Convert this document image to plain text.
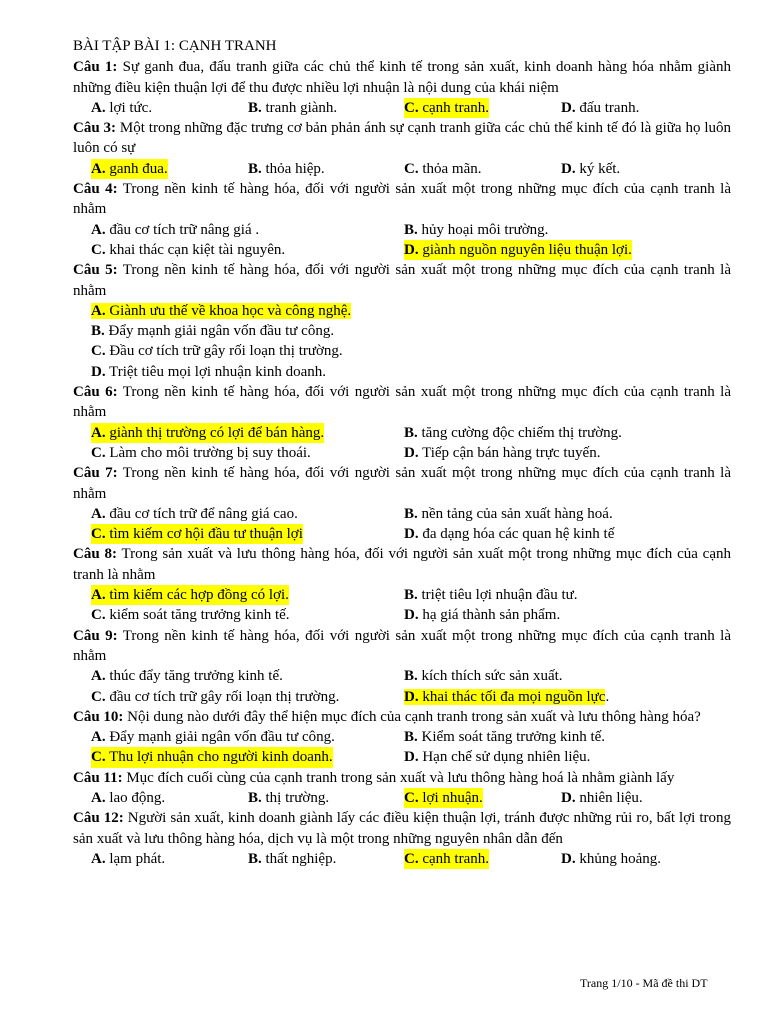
BÀI TẬP BÀI 1: CẠNH TRANH
Câu 1: Sự ganh đua, đấu tranh giữa các chủ thể kinh tế trong sản xuất, kinh doanh hàng hóa nhằm giành những điều kiện thuận lợi để thu được nhiều lợi nhuận là nội dung của khái niệm
A. lợi tức.	B. tranh giành.	C. cạnh tranh.	D. đấu tranh.
Câu 3: Một trong những đặc trưng cơ bản phản ánh sự cạnh tranh giữa các chủ thể kinh tế đó là giữa họ luôn luôn có sự
A. ganh đua.	B. thỏa hiệp.	C. thỏa mãn.	D. ký kết.
Câu 4: Trong nền kinh tế hàng hóa, đối với người sản xuất một trong những mục đích của cạnh tranh là nhằm
A. đầu cơ tích trữ nâng giá .	B. hủy hoại môi trường.
C. khai thác cạn kiệt tài nguyên.	D. giành nguồn nguyên liệu thuận lợi.
Câu 5: Trong nền kinh tế hàng hóa, đối với người sản xuất một trong những mục đích của cạnh tranh là nhằm
A. Giành ưu thế về khoa học và công nghệ.
B. Đẩy mạnh giải ngân vốn đầu tư công.
C. Đầu cơ tích trữ gây rối loạn thị trường.
D. Triệt tiêu mọi lợi nhuận kinh doanh.
Câu 6: Trong nền kinh tế hàng hóa, đối với người sản xuất một trong những mục đích của cạnh tranh là nhằm
A. giành thị trường có lợi để bán hàng.	B. tăng cường độc chiếm thị trường.
C. Làm cho môi trường bị suy thoái.	D. Tiếp cận bán hàng trực tuyến.
Câu 7: Trong nền kinh tế hàng hóa, đối với người sản xuất một trong những mục đích của cạnh tranh là nhằm
A. đầu cơ tích trữ để nâng giá cao.	B. nền tảng của sản xuất hàng hoá.
C. tìm kiếm cơ hội đầu tư thuận lợi	D. đa dạng hóa các quan hệ kinh tế
Câu 8: Trong sản xuất và lưu thông hàng hóa, đối với người sản xuất một trong những mục đích của cạnh tranh là nhằm
A. tìm kiếm các hợp đồng có lợi.	B. triệt tiêu lợi nhuận đầu tư.
C. kiểm soát tăng trưởng kinh tế.	D. hạ giá thành sản phẩm.
Câu 9: Trong nền kinh tế hàng hóa, đối với người sản xuất một trong những mục đích của cạnh tranh là nhằm
A. thúc đẩy tăng trưởng kinh tế.	B. kích thích sức sản xuất.
C. đầu cơ tích trữ gây rối loạn thị trường.	D. khai thác tối đa mọi nguồn lực.
Câu 10: Nội dung nào dưới đây thể hiện mục đích của cạnh tranh trong sản xuất và lưu thông hàng hóa?
A. Đẩy mạnh giải ngân vốn đầu tư công.	B. Kiểm soát tăng trưởng kinh tế.
C. Thu lợi nhuận cho người kinh doanh.	D. Hạn chế sử dụng nhiên liệu.
Câu 11: Mục đích cuối cùng của cạnh tranh trong sản xuất và lưu thông hàng hoá là nhằm giành lấy
A. lao động.	B. thị trường.	C. lợi nhuận.	D. nhiên liệu.
Câu 12: Người sản xuất, kinh doanh giành lấy các điều kiện thuận lợi, tránh được những rủi ro, bất lợi trong sản xuất và lưu thông hàng hóa, dịch vụ là một trong những nguyên nhân dẫn đến
A. lạm phát.	B. thất nghiệp.	C. cạnh tranh.	D. khủng hoảng.
Trang 1/10 - Mã đề thi DT
